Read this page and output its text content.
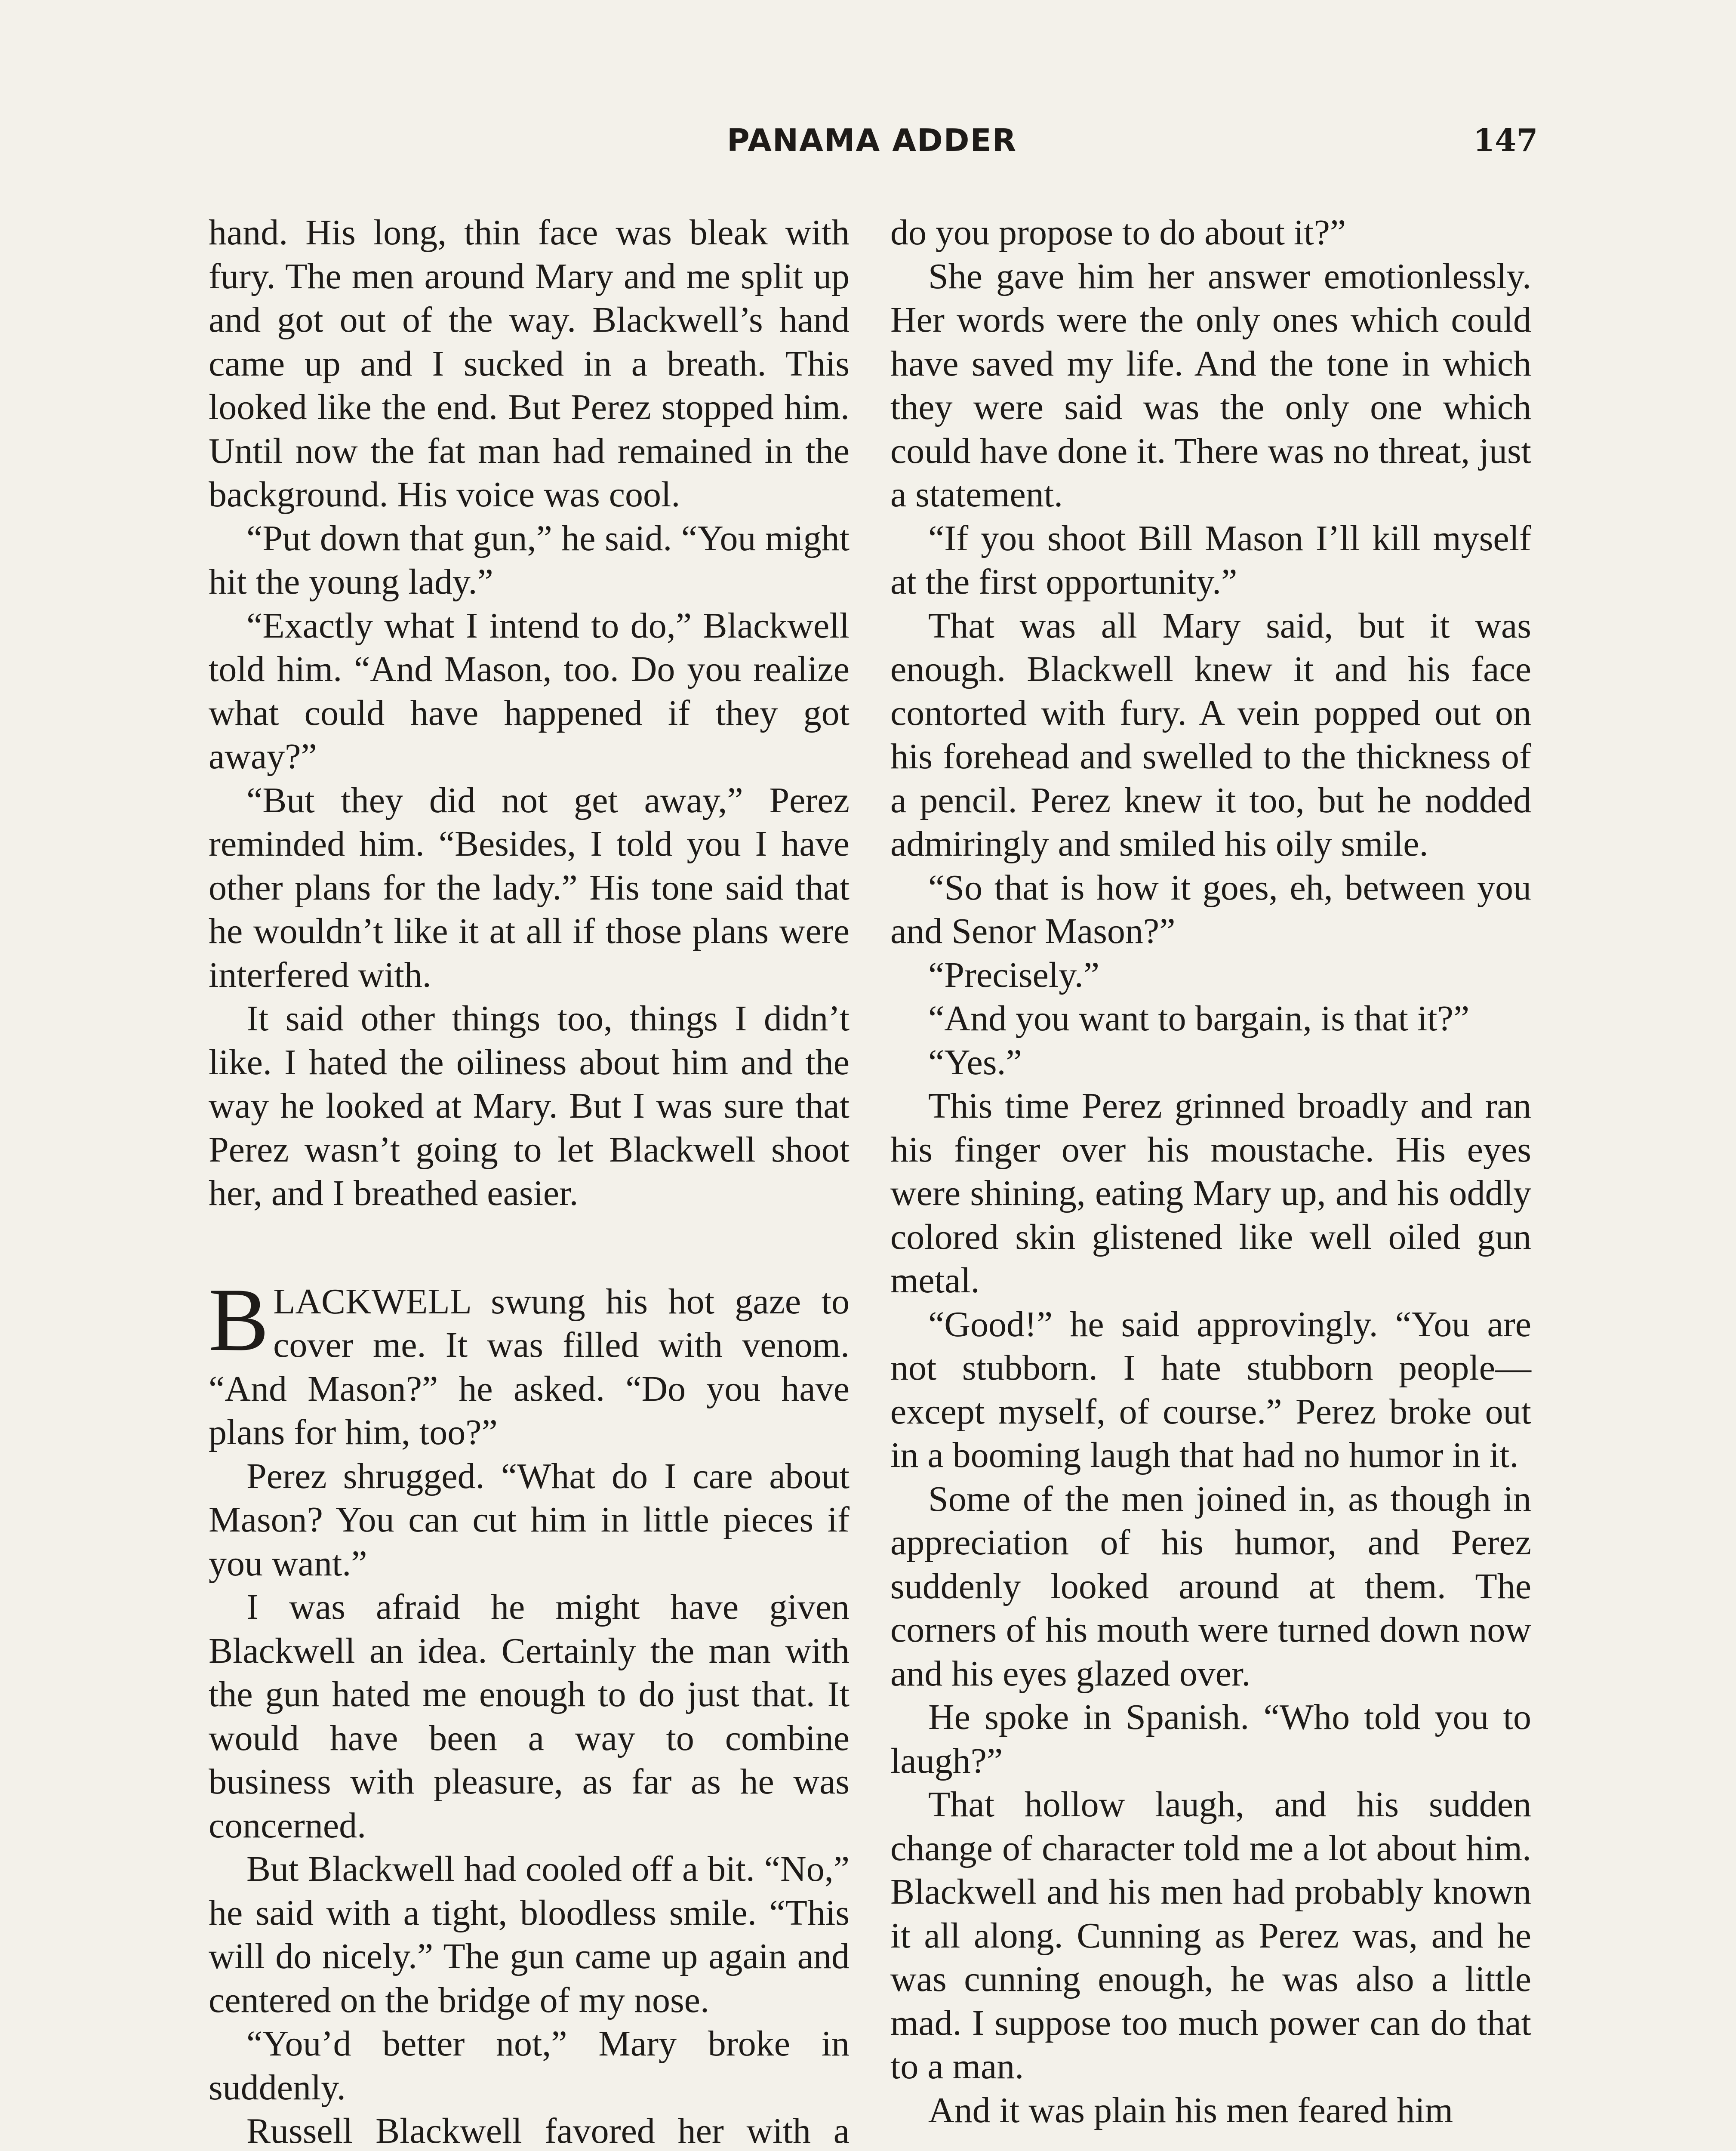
PANAMA ADDER	147

hand. His long, thin face was bleak with fury. The men around Mary and me split up and got out of the way. Blackwell’s hand came up and I sucked in a breath. This looked like the end. But Perez stopped him. Until now the fat man had remained in the background. His voice was cool.

“Put down that gun,” he said. “You might hit the young lady.”

“Exactly what I intend to do,” Blackwell told him. “And Mason, too. Do you realize what could have happened if they got away?”

“But they did not get away,” Perez reminded him. “Besides, I told you I have other plans for the lady.” His tone said that he wouldn’t like it at all if those plans were interfered with.

It said other things too, things I didn’t like. I hated the oiliness about him and the way he looked at Mary. But I was sure that Perez wasn’t going to let Blackwell shoot her, and I breathed easier.

BLACKWELL swung his hot gaze to cover me. It was filled with venom. “And Mason?” he asked. “Do you have plans for him, too?”

Perez shrugged. “What do I care about Mason? You can cut him in little pieces if you want.”

I was afraid he might have given Blackwell an idea. Certainly the man with the gun hated me enough to do just that. It would have been a way to combine business with pleasure, as far as he was concerned.

But Blackwell had cooled off a bit. “No,” he said with a tight, bloodless smile. “This will do nicely.” The gun came up again and centered on the bridge of my nose.

“You’d better not,” Mary broke in suddenly.

Russell Blackwell favored her with a

do you propose to do about it?”

She gave him her answer emotionlessly. Her words were the only ones which could have saved my life. And the tone in which they were said was the only one which could have done it. There was no threat, just a statement.

“If you shoot Bill Mason I’ll kill myself at the first opportunity.”

That was all Mary said, but it was enough. Blackwell knew it and his face contorted with fury. A vein popped out on his forehead and swelled to the thickness of a pencil. Perez knew it too, but he nodded admiringly and smiled his oily smile.

“So that is how it goes, eh, between you and Senor Mason?”

“Precisely.”

“And you want to bargain, is that it?”

“Yes.”

This time Perez grinned broadly and ran his finger over his moustache. His eyes were shining, eating Mary up, and his oddly colored skin glistened like well oiled gun metal.

“Good!” he said approvingly. “You are not stubborn. I hate stubborn people—except myself, of course.” Perez broke out in a booming laugh that had no humor in it.

Some of the men joined in, as though in appreciation of his humor, and Perez suddenly looked around at them. The corners of his mouth were turned down now and his eyes glazed over.

He spoke in Spanish. “Who told you to laugh?”

That hollow laugh, and his sudden change of character told me a lot about him. Blackwell and his men had probably known it all along. Cunning as Perez was, and he was cunning enough, he was also a little mad. I suppose too much power can do that to a man.

And it was plain his men feared him
